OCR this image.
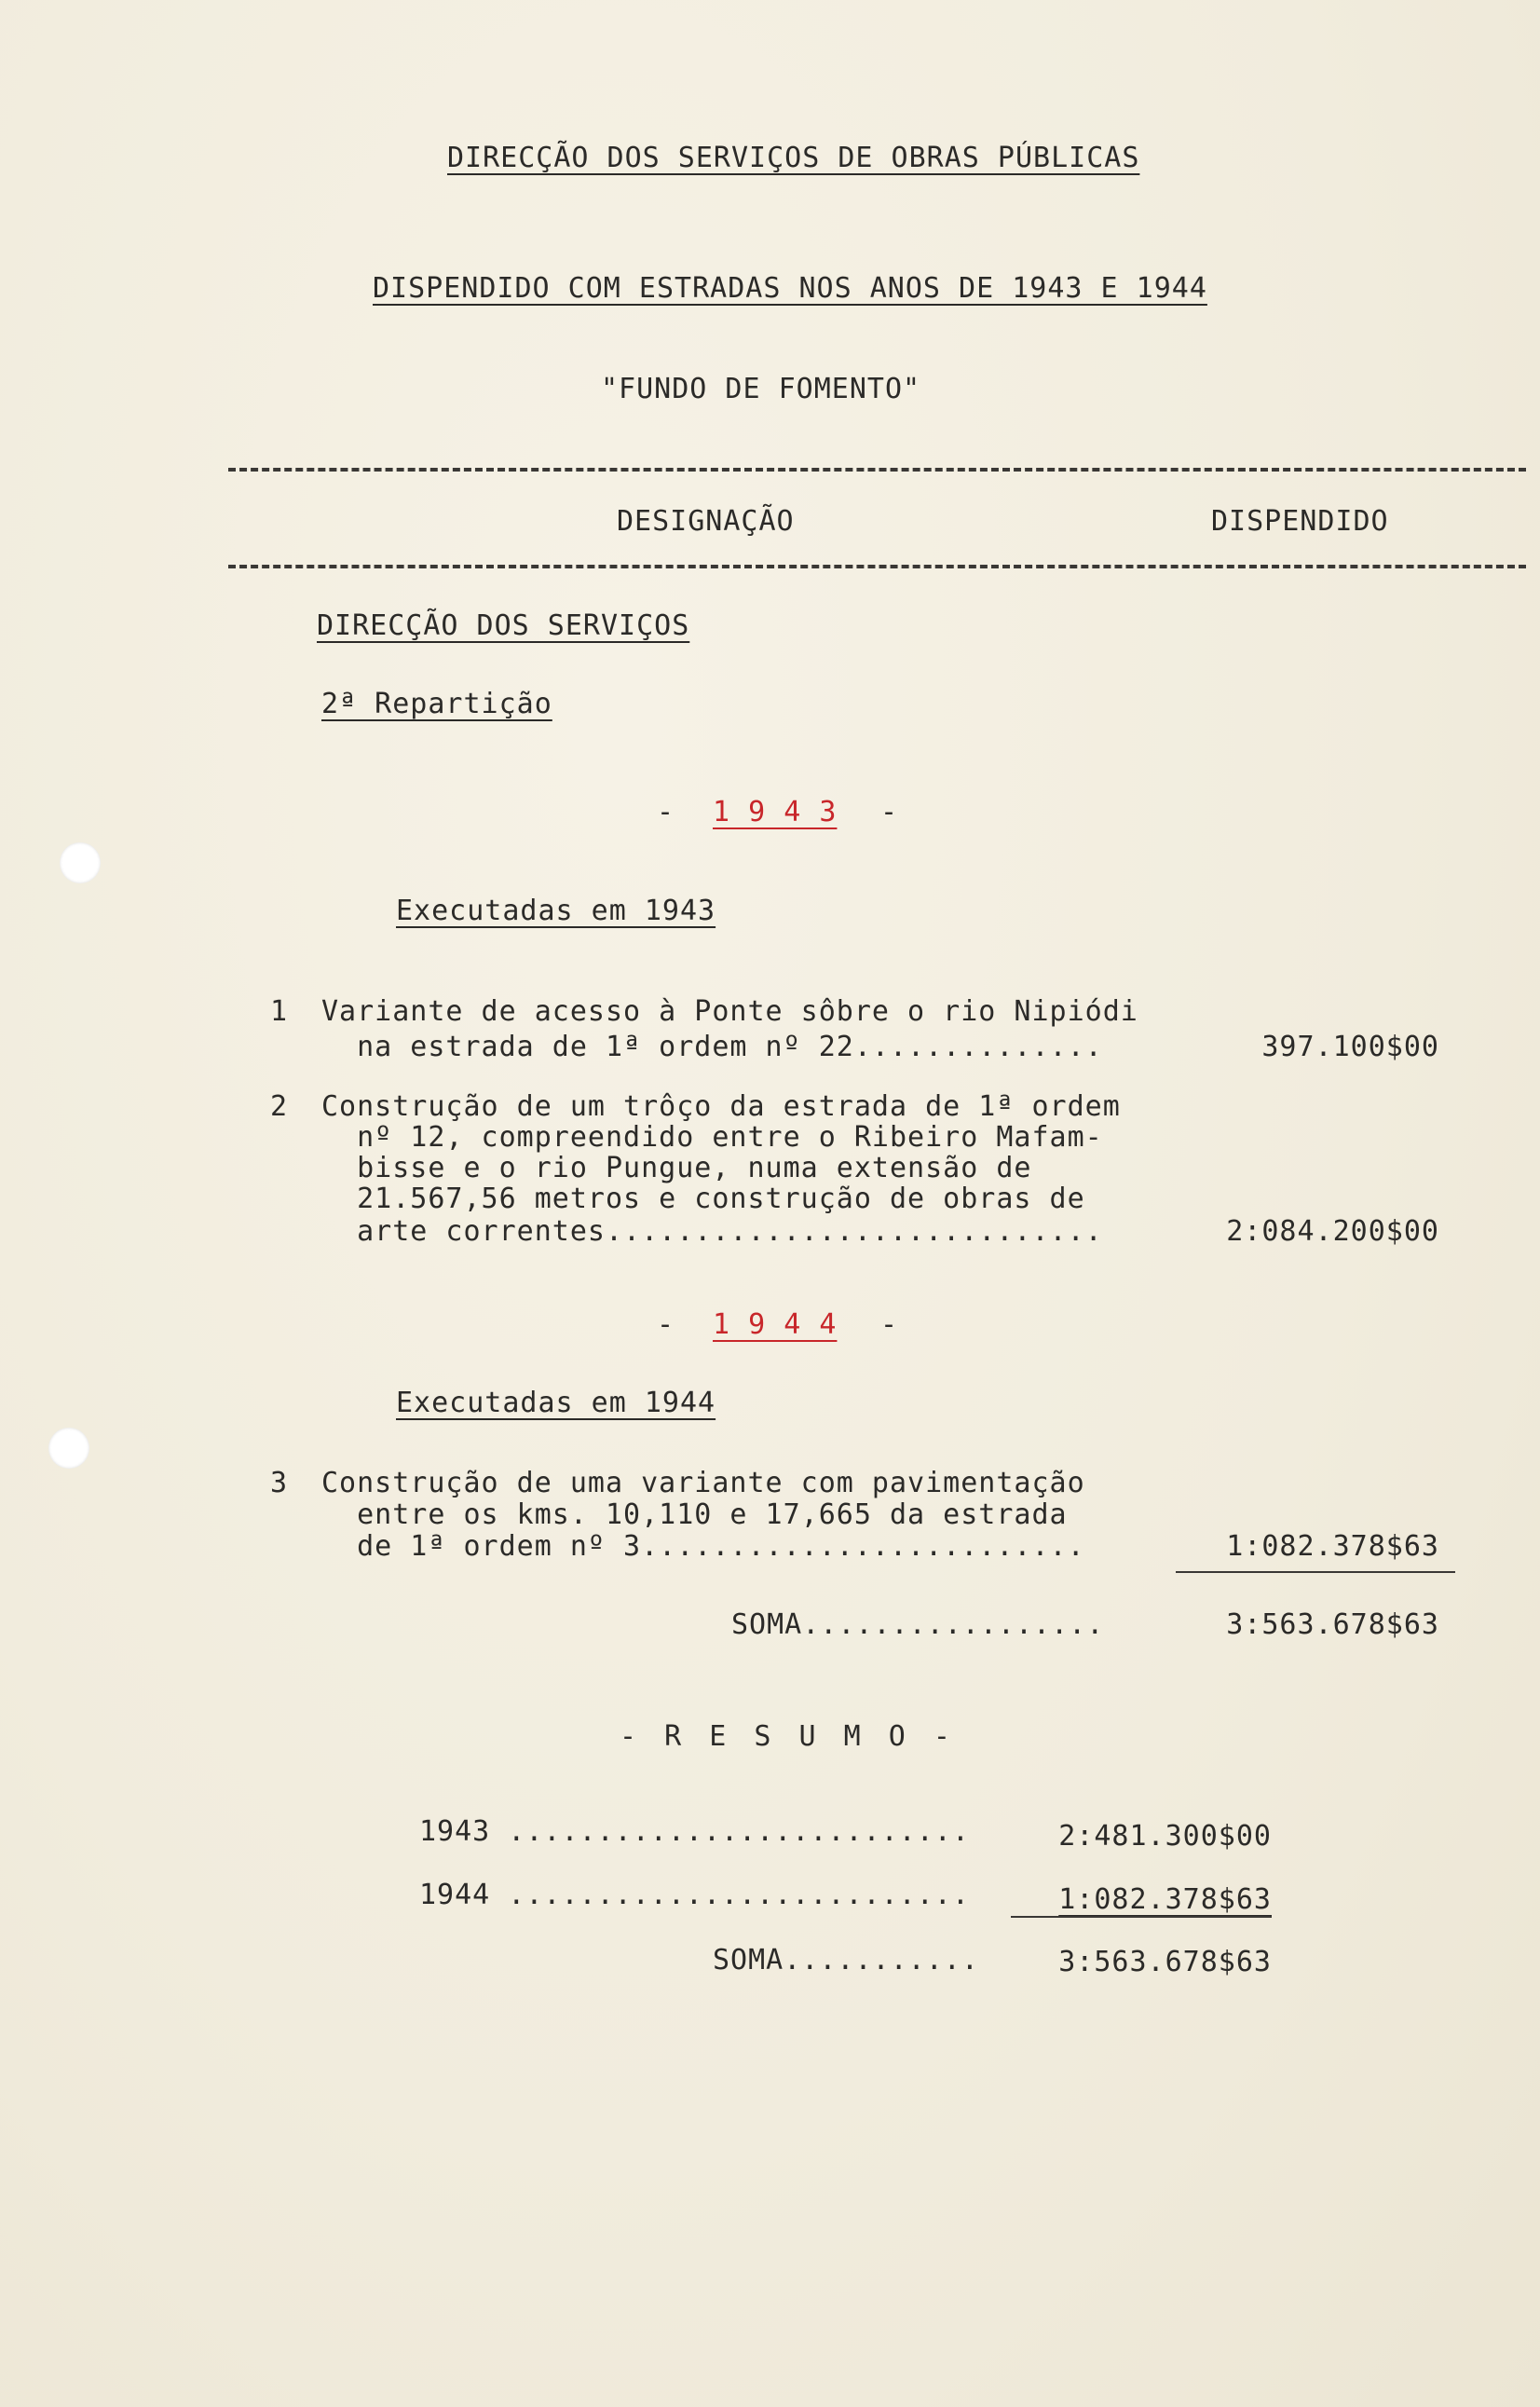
DIRECÇÃO DOS SERVIÇOS DE OBRAS PÚBLICAS
DISPENDIDO COM ESTRADAS NOS ANOS DE 1943 E 1944
"FUNDO DE FOMENTO"
DESIGNAÇÃO	DISPENDIDO
DIRECÇÃO DOS SERVIÇOS
2ª Repartição
- 1 9 4 3 -
Executadas em 1943
1 Variante de acesso à Ponte sôbre o rio Nipiódi
na estrada de 1ª ordem nº 22..............	397.100$00
2 Construção de um trôço da estrada de 1ª ordem
nº 12, compreendido entre o Ribeiro Mafam-
bisse e o rio Pungue, numa extensão de
21.567,56 metros e construção de obras de
arte correntes............................	2:084.200$00
- 1 9 4 4 -
Executadas em 1944
3 Construção de uma variante com pavimentação
entre os kms. 10,110 e 17,665 da estrada
de 1ª ordem nº 3.........................	1:082.378$63
SOMA.................	3:563.678$63
- R E S U M O -
1943 ..........................	2:481.300$00
1944 ..........................	1:082.378$63
SOMA...........	3:563.678$63
